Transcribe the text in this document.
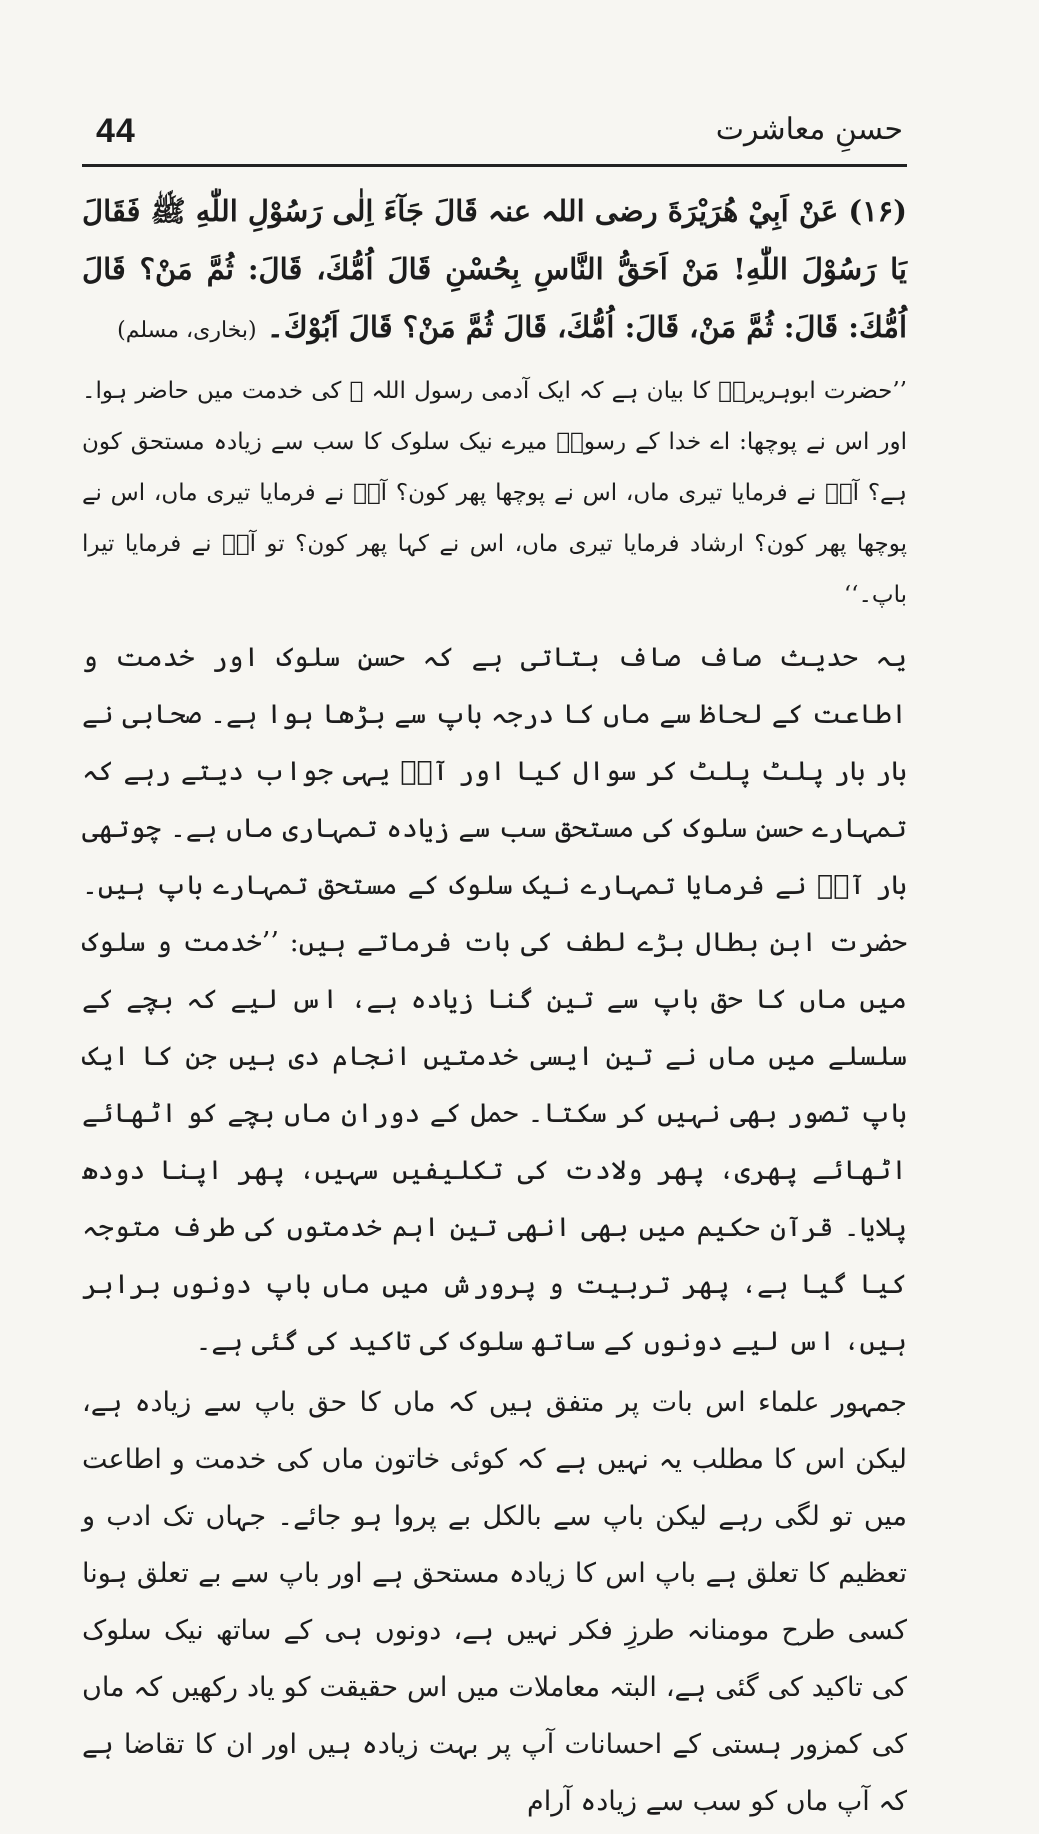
44	حسنِ معاشرت

(۱۶) عَنْ اَبِيْ هُرَيْرَةَ رضی اللہ عنہ قَالَ جَآءَ اِلٰى رَسُوْلِ اللّٰهِ ﷺ فَقَالَ يَا رَسُوْلَ اللّٰهِ! مَنْ اَحَقُّ النَّاسِ بِحُسْنِ قَالَ اُمُّكَ، قَالَ: ثُمَّ مَنْ؟ قَالَ اُمُّكَ: قَالَ: ثُمَّ مَنْ، قَالَ: اُمُّكَ، قَالَ ثُمَّ مَنْ؟ قَالَ اَبُوْكَ۔ (بخاری، مسلم)

’’حضرت ابوہریرہؓ کا بیان ہے کہ ایک آدمی رسول اللہ ﷺ کی خدمت میں حاضر ہوا۔ اور اس نے پوچھا: اے خدا کے رسولؐ میرے نیک سلوک کا سب سے زیادہ مستحق کون ہے؟ آپؐ نے فرمایا تیری ماں، اس نے پوچھا پھر کون؟ آپؐ نے فرمایا تیری ماں، اس نے پوچھا پھر کون؟ ارشاد فرمایا تیری ماں، اس نے کہا پھر کون؟ تو آپؐ نے فرمایا تیرا باپ۔‘‘

یہ حدیث صاف صاف بتاتی ہے کہ حسنِ سلوک اور خدمت و اطاعت کے لحاظ سے ماں کا درجہ باپ سے بڑھا ہوا ہے۔ صحابی نے بار بار پلٹ پلٹ کر سوال کیا اور آپؐ یہی جواب دیتے رہے کہ تمہارے حسنِ سلوک کی مستحق سب سے زیادہ تمہاری ماں ہے۔ چوتھی بار آپؐ نے فرمایا تمہارے نیک سلوک کے مستحق تمہارے باپ ہیں۔ حضرت ابن بطال بڑے لطف کی بات فرماتے ہیں: ’’خدمت و سلوک میں ماں کا حق باپ سے تین گنا زیادہ ہے، اس لیے کہ بچے کے سلسلے میں ماں نے تین ایسی خدمتیں انجام دی ہیں جن کا ایک باپ تصور بھی نہیں کر سکتا۔ حمل کے دوران ماں بچے کو اٹھائے اٹھائے پھری، پھر ولادت کی تکلیفیں سہیں، پھر اپنا دودھ پلایا۔ قرآن حکیم میں بھی انھی تین اہم خدمتوں کی طرف متوجہ کیا گیا ہے، پھر تربیت و پرورش میں ماں باپ دونوں برابر ہیں، اس لیے دونوں کے ساتھ سلوک کی تاکید کی گئی ہے۔

جمہور علماء اس بات پر متفق ہیں کہ ماں کا حق باپ سے زیادہ ہے، لیکن اس کا مطلب یہ نہیں ہے کہ کوئی خاتون ماں کی خدمت و اطاعت میں تو لگی رہے لیکن باپ سے بالکل بے پروا ہو جائے۔ جہاں تک ادب و تعظیم کا تعلق ہے باپ اس کا زیادہ مستحق ہے اور باپ سے بے تعلق ہونا کسی طرح مومنانہ طرزِ فکر نہیں ہے، دونوں ہی کے ساتھ نیک سلوک کی تاکید کی گئی ہے، البتہ معاملات میں اس حقیقت کو یاد رکھیں کہ ماں کی کمزور ہستی کے احسانات آپ پر بہت زیادہ ہیں اور ان کا تقاضا ہے کہ آپ ماں کو سب سے زیادہ آرام
